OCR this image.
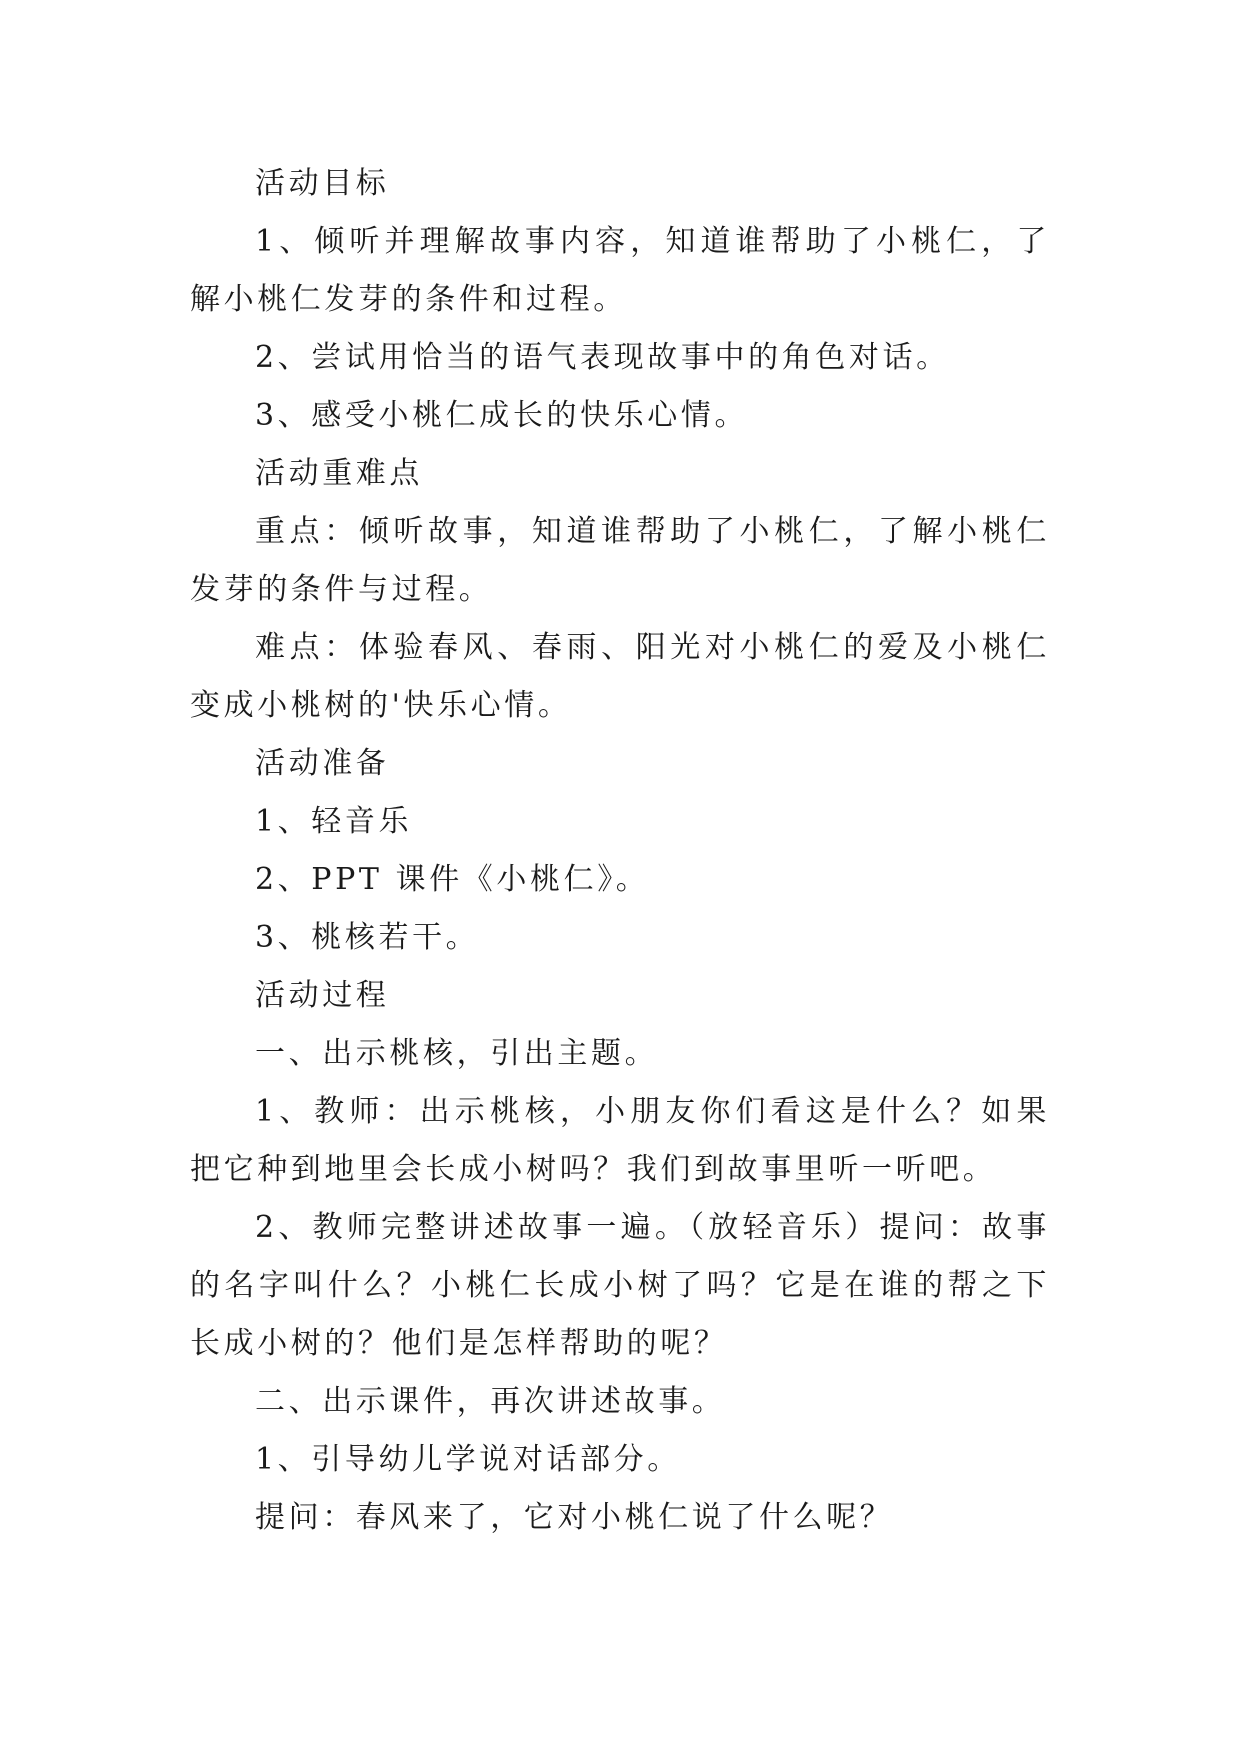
活动目标

1、倾听并理解故事内容，知道谁帮助了小桃仁，了解小桃仁发芽的条件和过程。

2、尝试用恰当的语气表现故事中的角色对话。

3、感受小桃仁成长的快乐心情。

活动重难点

重点：倾听故事，知道谁帮助了小桃仁，了解小桃仁发芽的条件与过程。

难点：体验春风、春雨、阳光对小桃仁的爱及小桃仁变成小桃树的'快乐心情。

活动准备

1、轻音乐

2、PPT 课件《小桃仁》。

3、桃核若干。

活动过程

一、出示桃核，引出主题。

1、教师：出示桃核，小朋友你们看这是什么？如果把它种到地里会长成小树吗？我们到故事里听一听吧。

2、教师完整讲述故事一遍。（放轻音乐）提问：故事的名字叫什么？小桃仁长成小树了吗？它是在谁的帮之下长成小树的？他们是怎样帮助的呢？

二、出示课件，再次讲述故事。

1、引导幼儿学说对话部分。

提问：春风来了，它对小桃仁说了什么呢？
